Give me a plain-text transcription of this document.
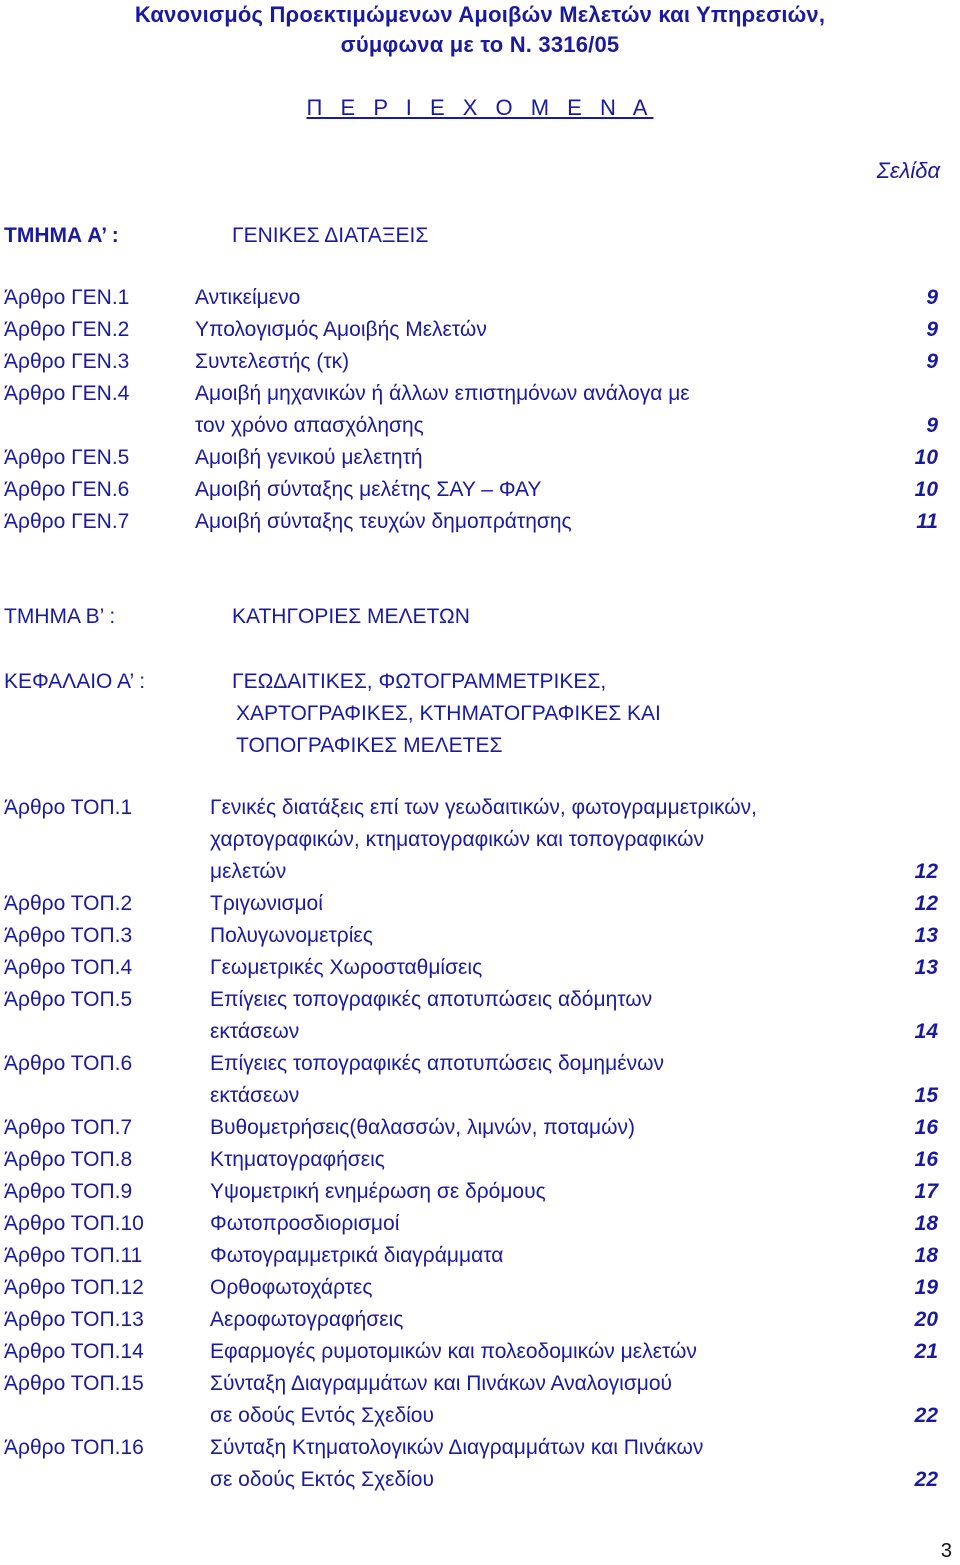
Κανονισμός Προεκτιμώμενων Αμοιβών Μελετών και Υπηρεσιών,
σύμφωνα με το Ν. 3316/05
Π Ε Ρ Ι Ε Χ Ο Μ Ε Ν Α
Σελίδα
ΤΜΗΜΑ Α’ :	ΓΕΝΙΚΕΣ ΔΙΑΤΑΞΕΙΣ
Άρθρο ΓΕΝ.1	Αντικείμενο	9
Άρθρο ΓΕΝ.2	Υπολογισμός Αμοιβής Μελετών	9
Άρθρο ΓΕΝ.3	Συντελεστής (τκ)	9
Άρθρο ΓΕΝ.4	Αμοιβή μηχανικών ή άλλων επιστημόνων ανάλογα με
τον χρόνο απασχόλησης	9
Άρθρο ΓΕΝ.5	Αμοιβή γενικού μελετητή	10
Άρθρο ΓΕΝ.6	Αμοιβή σύνταξης μελέτης ΣΑΥ – ΦΑΥ	10
Άρθρο ΓΕΝ.7	Αμοιβή σύνταξης τευχών δημοπράτησης	11
ΤΜΗΜΑ Β’ :	ΚΑΤΗΓΟΡΙΕΣ ΜΕΛΕΤΩΝ
ΚΕΦΑΛΑΙΟ Α’ :	ΓΕΩΔΑΙΤΙΚΕΣ, ΦΩΤΟΓΡΑΜΜΕΤΡΙΚΕΣ,
ΧΑΡΤΟΓΡΑΦΙΚΕΣ, ΚΤΗΜΑΤΟΓΡΑΦΙΚΕΣ ΚΑΙ
ΤΟΠΟΓΡΑΦΙΚΕΣ ΜΕΛΕΤΕΣ
Άρθρο ΤΟΠ.1	Γενικές διατάξεις επί των γεωδαιτικών, φωτογραμμετρικών,
χαρτογραφικών, κτηματογραφικών και τοπογραφικών
μελετών	12
Άρθρο ΤΟΠ.2	Τριγωνισμοί	12
Άρθρο ΤΟΠ.3	Πολυγωνομετρίες	13
Άρθρο ΤΟΠ.4	Γεωμετρικές Χωροσταθμίσεις	13
Άρθρο ΤΟΠ.5	Επίγειες τοπογραφικές αποτυπώσεις αδόμητων
εκτάσεων	14
Άρθρο ΤΟΠ.6	Επίγειες τοπογραφικές αποτυπώσεις δομημένων
εκτάσεων	15
Άρθρο ΤΟΠ.7	Βυθομετρήσεις(θαλασσών, λιμνών, ποταμών)	16
Άρθρο ΤΟΠ.8	Κτηματογραφήσεις	16
Άρθρο ΤΟΠ.9	Υψομετρική ενημέρωση σε δρόμους	17
Άρθρο ΤΟΠ.10	Φωτοπροσδιορισμοί	18
Άρθρο ΤΟΠ.11	Φωτογραμμετρικά διαγράμματα	18
Άρθρο ΤΟΠ.12	Ορθοφωτοχάρτες	19
Άρθρο ΤΟΠ.13	Αεροφωτογραφήσεις	20
Άρθρο ΤΟΠ.14	Εφαρμογές ρυμοτομικών και πολεοδομικών μελετών	21
Άρθρο ΤΟΠ.15	Σύνταξη Διαγραμμάτων και Πινάκων Αναλογισμού
σε οδούς Εντός Σχεδίου	22
Άρθρο ΤΟΠ.16	Σύνταξη Κτηματολογικών Διαγραμμάτων και Πινάκων
σε οδούς Εκτός Σχεδίου	22
3
